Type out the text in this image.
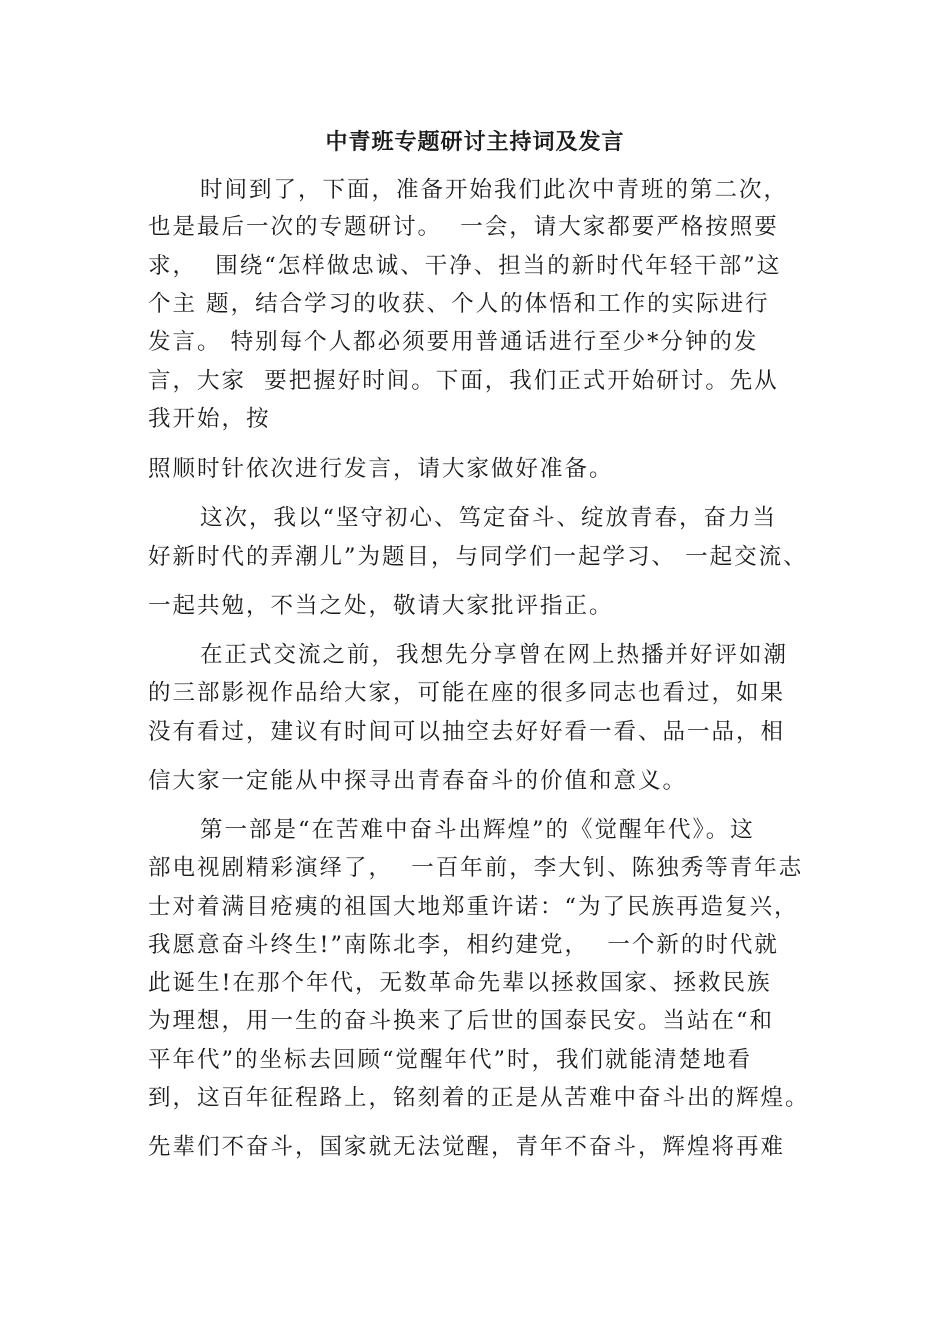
中青班专题研讨主持词及发言

时间到了，下面，准备开始我们此次中青班的第二次，

也是最后一次的专题研讨。  一会，请大家都要严格按照要

求，  围绕“怎样做忠诚、干净、担当的新时代年轻干部”这

个主 题，结合学习的收获、个人的体悟和工作的实际进行

发言。 特别每个人都必须要用普通话进行至少*分钟的发

言，大家  要把握好时间。下面，我们正式开始研讨。先从

我开始，按

照顺时针依次进行发言，请大家做好准备。

这次，我以“坚守初心、笃定奋斗、绽放青春，奋力当

好新时代的弄潮儿”为题目，与同学们一起学习、 一起交流、

一起共勉，不当之处，敬请大家批评指正。

在正式交流之前，我想先分享曾在网上热播并好评如潮

的三部影视作品给大家，可能在座的很多同志也看过，如果

没有看过，建议有时间可以抽空去好好看一看、品一品，相

信大家一定能从中探寻出青春奋斗的价值和意义。

第一部是“在苦难中奋斗出辉煌”的《觉醒年代》。这

部电视剧精彩演绎了，  一百年前，李大钊、陈独秀等青年志

士对着满目疮痍的祖国大地郑重许诺：“为了民族再造复兴，

我愿意奋斗终生!”南陈北李，相约建党，  一个新的时代就

此诞生!在那个年代，无数革命先辈以拯救国家、拯救民族

为理想，用一生的奋斗换来了后世的国泰民安。当站在“和

平年代”的坐标去回顾“觉醒年代”时，我们就能清楚地看

到，这百年征程路上，铭刻着的正是从苦难中奋斗出的辉煌。

先辈们不奋斗，国家就无法觉醒，青年不奋斗，辉煌将再难
